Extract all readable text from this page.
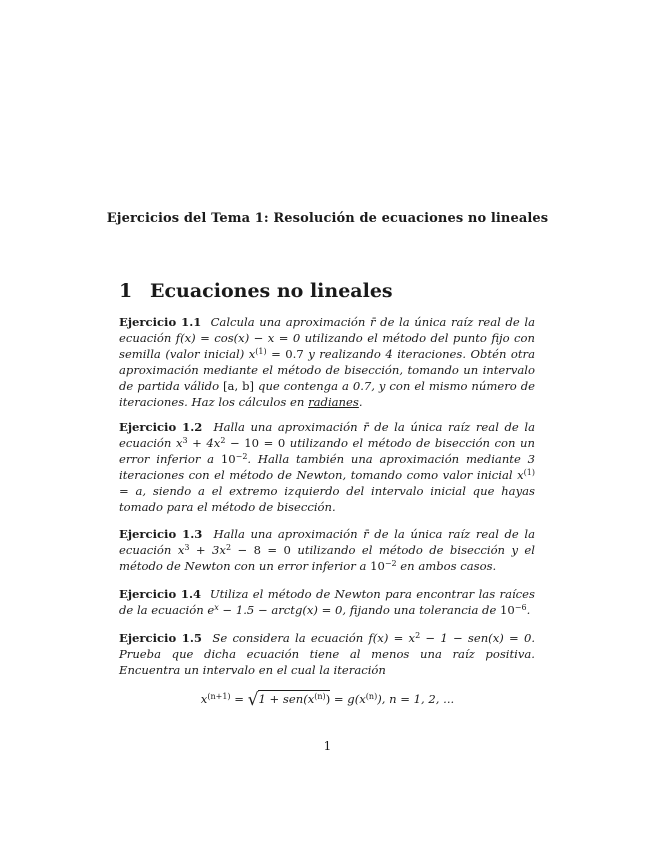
Ejercicios del Tema 1: Resolución de ecuaciones no lineales
1 Ecuaciones no lineales
Ejercicio 1.1 Calcula una aproximación r̄ de la única raíz real de la ecuación f(x) = cos(x) − x = 0 utilizando el método del punto fijo con semilla (valor inicial) $x^{(1)} = 0.7$ y realizando 4 iteraciones. Obtén otra aproximación mediante el método de bisección, tomando un intervalo de partida válido [a, b] que contenga a 0.7, y con el mismo número de iteraciones. Haz los cálculos en radianes.
Ejercicio 1.2 Halla una aproximación r̄ de la única raíz real de la ecuación $x^3 + 4x^2 - 10 = 0$ utilizando el método de bisección con un error inferior a $10^{-2}$. Halla también una aproximación mediante 3 iteraciones con el método de Newton, tomando como valor inicial $x^{(1)} = a$, siendo a el extremo izquierdo del intervalo inicial que hayas tomado para el método de bisección.
Ejercicio 1.3 Halla una aproximación r̄ de la única raíz real de la ecuación $x^3 + 3x^2 - 8 = 0$ utilizando el método de bisección y el método de Newton con un error inferior a $10^{-2}$ en ambos casos.
Ejercicio 1.4 Utiliza el método de Newton para encontrar las raíces de la ecuación $e^x - 1.5$ − arctg(x) = 0, fijando una tolerancia de $10^{-6}$.
Ejercicio 1.5 Se considera la ecuación $f(x) = x^2 - 1 - sen(x) = 0$. Prueba que dicha ecuación tiene al menos una raíz positiva. Encuentra un intervalo en el cual la iteración
$x^{(n+1)} = √1 + sen(x^{(n)}) = g(x^{(n)})$, n = 1, 2, ...
1
